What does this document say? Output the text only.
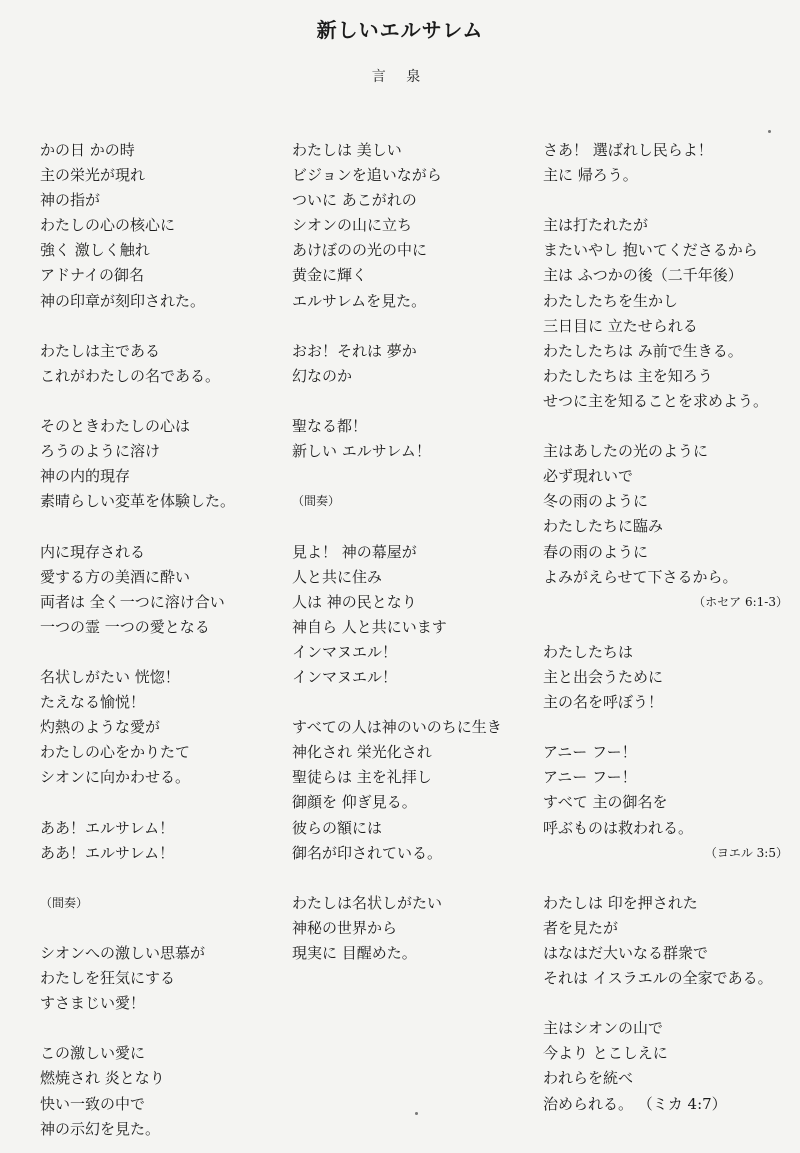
新しいエルサレム
言 泉
かの日 かの時
主の栄光が現れ
神の指が
わたしの心の核心に
強く 激しく触れ
アドナイの御名
神の印章が刻印された。
わたしは主である
これがわたしの名である。
そのときわたしの心は
ろうのように溶け
神の内的現存
素晴らしい変革を体験した。
内に現存される
愛する方の美酒に酔い
両者は 全く一つに溶け合い
一つの霊 一つの愛となる
名状しがたい 恍惚！
たえなる愉悦！
灼熱のような愛が
わたしの心をかりたて
シオンに向かわせる。
ああ！エルサレム！
ああ！エルサレム！
（間奏）
シオンへの激しい思慕が
わたしを狂気にする
すさまじい愛！
この激しい愛に
燃焼され 炎となり
快い一致の中で
神の示幻を見た。
わたしは 美しい
ビジョンを追いながら
ついに あこがれの
シオンの山に立ち
あけぼのの光の中に
黄金に輝く
エルサレムを見た。
おお！それは 夢か
幻なのか
聖なる都！
新しい エルサレム！
（間奏）
見よ！ 神の幕屋が
人と共に住み
人は 神の民となり
神自ら 人と共にいます
インマヌエル！
インマヌエル！
すべての人は神のいのちに生き
神化され 栄光化され
聖徒らは 主を礼拝し
御顔を 仰ぎ見る。
彼らの額には
御名が印されている。
わたしは名状しがたい
神秘の世界から
現実に 目醒めた。
さあ！ 選ばれし民らよ！
主に 帰ろう。
主は打たれたが
またいやし 抱いてくださるから
主は ふつかの後（二千年後）
わたしたちを生かし
三日目に 立たせられる
わたしたちは み前で生きる。
わたしたちは 主を知ろう
せつに主を知ることを求めよう。
主はあしたの光のように
必ず現れいで
冬の雨のように
わたしたちに臨み
春の雨のように
よみがえらせて下さるから。
（ホセア 6:1-3）
わたしたちは
主と出会うために
主の名を呼ぼう！
アニー フー！
アニー フー！
すべて 主の御名を
呼ぶものは救われる。
（ヨエル 3:5）
わたしは 印を押された
者を見たが
はなはだ大いなる群衆で
それは イスラエルの全家である。
主はシオンの山で
今より とこしえに
われらを統べ
治められる。 （ミカ 4:7）
